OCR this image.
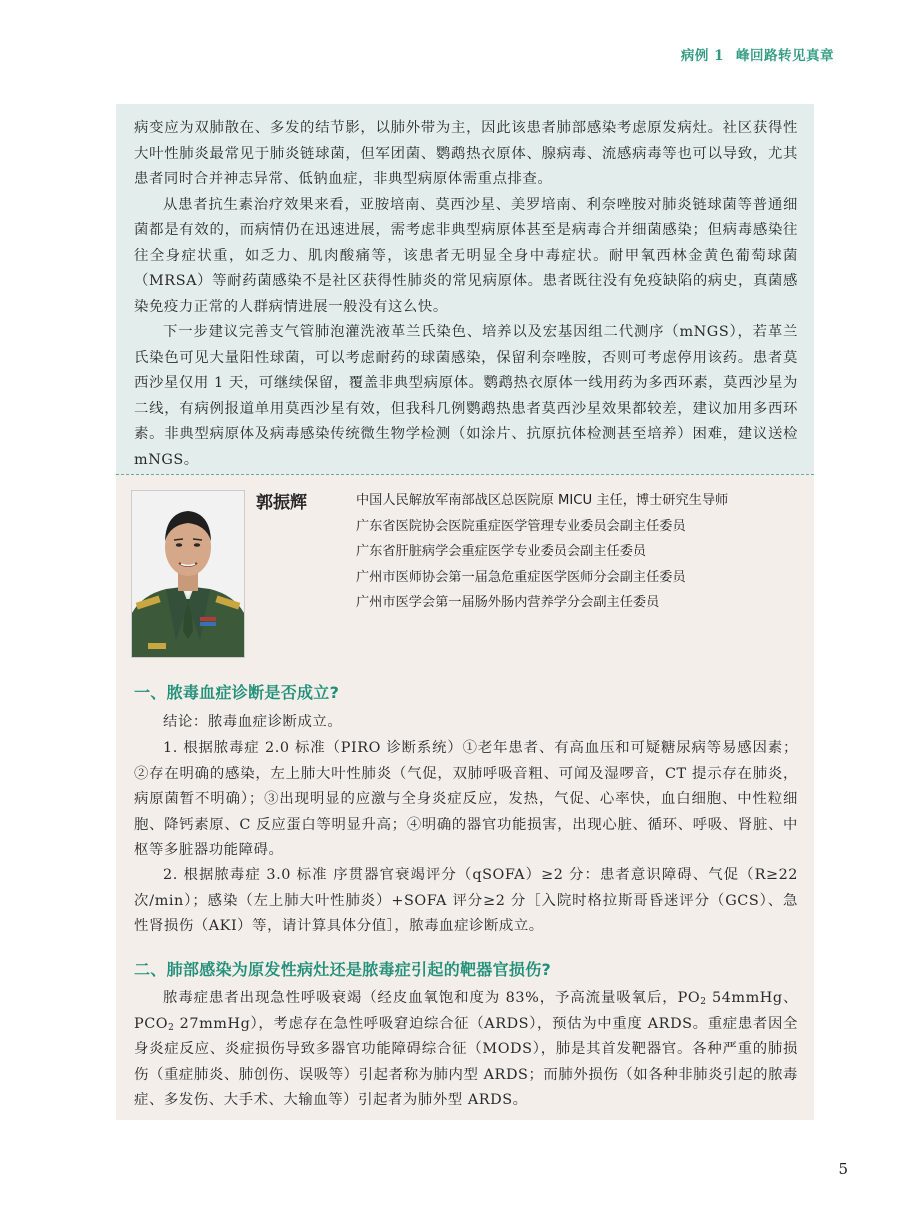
病例 1 峰回路转见真章

病变应为双肺散在、多发的结节影，以肺外带为主，因此该患者肺部感染考虑原发病灶。社区获得性大叶性肺炎最常见于肺炎链球菌，但军团菌、鹦鹉热衣原体、腺病毒、流感病毒等也可以导致，尤其患者同时合并神志异常、低钠血症，非典型病原体需重点排查。

从患者抗生素治疗效果来看，亚胺培南、莫西沙星、美罗培南、利奈唑胺对肺炎链球菌等普通细菌都是有效的，而病情仍在迅速进展，需考虑非典型病原体甚至是病毒合并细菌感染；但病毒感染往往全身症状重，如乏力、肌肉酸痛等，该患者无明显全身中毒症状。耐甲氧西林金黄色葡萄球菌（MRSA）等耐药菌感染不是社区获得性肺炎的常见病原体。患者既往没有免疫缺陷的病史，真菌感染免疫力正常的人群病情进展一般没有这么快。

下一步建议完善支气管肺泡灌洗液革兰氏染色、培养以及宏基因组二代测序（mNGS），若革兰氏染色可见大量阳性球菌，可以考虑耐药的球菌感染，保留利奈唑胺，否则可考虑停用该药。患者莫西沙星仅用 1 天，可继续保留，覆盖非典型病原体。鹦鹉热衣原体一线用药为多西环素，莫西沙星为二线，有病例报道单用莫西沙星有效，但我科几例鹦鹉热患者莫西沙星效果都较差，建议加用多西环素。非典型病原体及病毒感染传统微生物学检测（如涂片、抗原抗体检测甚至培养）困难，建议送检 mNGS。

郭振辉	中国人民解放军南部战区总医院原 MICU 主任，博士研究生导师
广东省医院协会医院重症医学管理专业委员会副主任委员
广东省肝脏病学会重症医学专业委员会副主任委员
广州市医师协会第一届急危重症医学医师分会副主任委员
广州市医学会第一届肠外肠内营养学分会副主任委员
一、脓毒血症诊断是否成立?

结论：脓毒血症诊断成立。

1. 根据脓毒症 2.0 标准（PIRO 诊断系统）①老年患者、有高血压和可疑糖尿病等易感因素；②存在明确的感染，左上肺大叶性肺炎（气促，双肺呼吸音粗、可闻及湿啰音，CT 提示存在肺炎，病原菌暂不明确）；③出现明显的应激与全身炎症反应，发热，气促、心率快，血白细胞、中性粒细胞、降钙素原、C 反应蛋白等明显升高；④明确的器官功能损害，出现心脏、循环、呼吸、肾脏、中枢等多脏器功能障碍。

2. 根据脓毒症 3.0 标准 序贯器官衰竭评分（qSOFA）≥2 分：患者意识障碍、气促（R≥22 次/min）；感染（左上肺大叶性肺炎）+SOFA 评分≥2 分［入院时格拉斯哥昏迷评分（GCS）、急性肾损伤（AKI）等，请计算具体分值］，脓毒血症诊断成立。

二、肺部感染为原发性病灶还是脓毒症引起的靶器官损伤?

脓毒症患者出现急性呼吸衰竭（经皮血氧饱和度为 83%，予高流量吸氧后，$PO_2$ 54mmHg、$PCO_2$ 27mmHg），考虑存在急性呼吸窘迫综合征（ARDS），预估为中重度 ARDS。重症患者因全身炎症反应、炎症损伤导致多器官功能障碍综合征（MODS），肺是其首发靶器官。各种严重的肺损伤（重症肺炎、肺创伤、误吸等）引起者称为肺内型 ARDS；而肺外损伤（如各种非肺炎引起的脓毒症、多发伤、大手术、大输血等）引起者为肺外型 ARDS。

5
